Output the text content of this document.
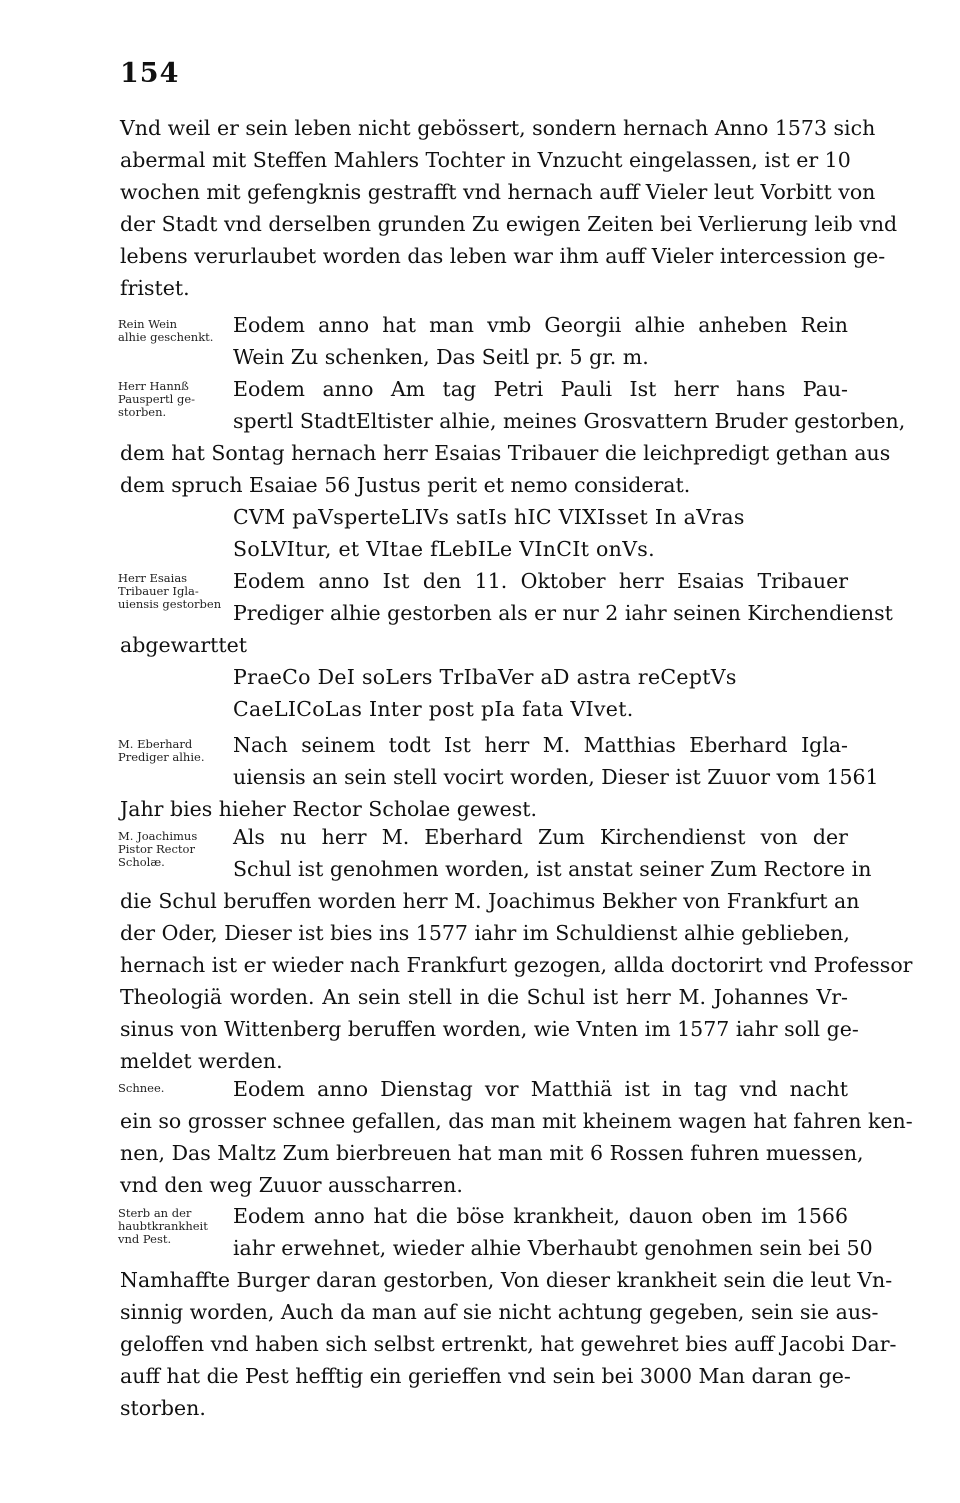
154
Vnd weil er sein leben nicht gebössert, sondern hernach Anno 1573 sich
abermal mit Steffen Mahlers Tochter in Vnzucht eingelassen, ist er 10
wochen mit gefengknis gestrafft vnd hernach auff Vieler leut Vorbitt von
der Stadt vnd derselben grunden Zu ewigen Zeiten bei Verlierung leib vnd
lebens verurlaubet worden das leben war ihm auff Vieler intercession ge-
fristet.
Rein Wein
alhie geschenkt. Eodem anno hat man vmb Georgii alhie anheben Rein
Wein Zu schenken, Das Seitl pr. 5 gr. m.
Herr Hannß
Pauspertl ge-
storben.
Eodem anno Am tag Petri Pauli Ist herr hans Pau-
spertl StadtEltister alhie, meines Grosvattern Bruder gestorben,
dem hat Sontag hernach herr Esaias Tribauer die leichpredigt gethan aus
dem spruch Esaiae 56 Justus perit et nemo considerat.
CVM paVsperteLIVs satIs hIC VIXIsset In aVras
SoLVItur, et VItae fLebILe VInCIt onVs.
Herr Esaias
Tribauer Igla-
uiensis gestorben
Eodem anno Ist den 11. Oktober herr Esaias Tribauer
Prediger alhie gestorben als er nur 2 iahr seinen Kirchendienst
abgewarttet
PraeCo DeI soLers TrIbaVer aD astra reCeptVs
CaeLICoLas Inter post pIa fata VIvet.
M. Eberhard
Prediger alhie. Nach seinem todt Ist herr M. Matthias Eberhard Igla-
uiensis an sein stell vocirt worden, Dieser ist Zuuor vom 1561
Jahr bies hieher Rector Scholae gewest.
M. Joachimus
Pistor Rector
Scholæ.
Als nu herr M. Eberhard Zum Kirchendienst von der
Schul ist genohmen worden, ist anstat seiner Zum Rectore in
die Schul beruffen worden herr M. Joachimus Bekher von Frankfurt an
der Oder, Dieser ist bies ins 1577 iahr im Schuldienst alhie geblieben,
hernach ist er wieder nach Frankfurt gezogen, allda doctorirt vnd Professor
Theologiä worden. An sein stell in die Schul ist herr M. Johannes Vr-
sinus von Wittenberg beruffen worden, wie Vnten im 1577 iahr soll ge-
meldet werden.
Schnee.	Eodem anno Dienstag vor Matthiä ist in tag vnd nacht
ein so grosser schnee gefallen, das man mit kheinem wagen hat fahren ken-
nen, Das Maltz Zum bierbreuen hat man mit 6 Rossen fuhren muessen,
vnd den weg Zuuor ausscharren.
Sterb an der
haubtkrankheit
vnd Pest.
Eodem anno hat die böse krankheit, dauon oben im 1566
iahr erwehnet, wieder alhie Vberhaubt genohmen sein bei 50
Namhaffte Burger daran gestorben, Von dieser krankheit sein die leut Vn-
sinnig worden, Auch da man auf sie nicht achtung gegeben, sein sie aus-
geloffen vnd haben sich selbst ertrenkt, hat gewehret bies auff Jacobi Dar-
auff hat die Pest hefftig ein gerieffen vnd sein bei 3000 Man daran ge-
storben.
